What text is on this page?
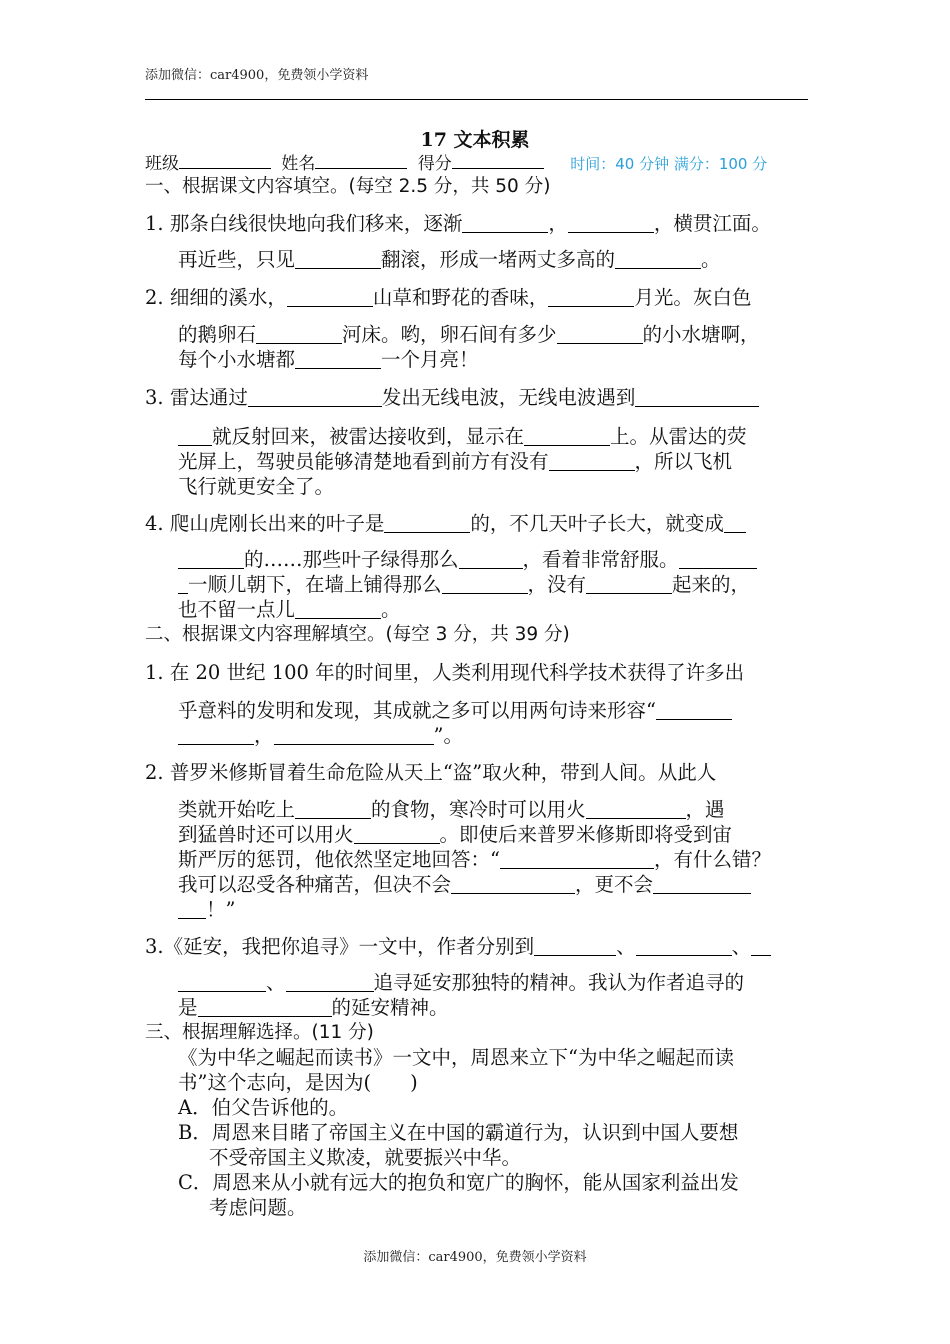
添加微信：car4900，免费领小学资料
17 文本积累
班级	姓名	得分	时间：40 分钟 满分：100 分
一、根据课文内容填空。(每空 2.5 分，共 50 分)
1. 那条白线很快地向我们移来，逐渐	，	，横贯江面。
再近些，只见	翻滚，形成一堵两丈多高的	。
2. 细细的溪水，	山草和野花的香味，	月光。灰白色
的鹅卵石	河床。哟，卵石间有多少	的小水塘啊，
每个小水塘都	一个月亮！
3. 雷达通过	发出无线电波，无线电波遇到
就反射回来，被雷达接收到，显示在	上。从雷达的荧
光屏上，驾驶员能够清楚地看到前方有没有	，所以飞机
飞行就更安全了。
4. 爬山虎刚长出来的叶子是	的，不几天叶子长大，就变成
的……那些叶子绿得那么	，看着非常舒服。
一顺儿朝下，在墙上铺得那么	，没有	起来的，
也不留一点儿	。
二、根据课文内容理解填空。(每空 3 分，共 39 分)
1. 在 20 世纪 100 年的时间里，人类利用现代科学技术获得了许多出
乎意料的发明和发现，其成就之多可以用两句诗来形容“
，	”。
2. 普罗米修斯冒着生命危险从天上“盗”取火种，带到人间。从此人
类就开始吃上	的食物，寒冷时可以用火	，遇
到猛兽时还可以用火	。即使后来普罗米修斯即将受到宙
斯严厉的惩罚，他依然坚定地回答：“	，有什么错？
我可以忍受各种痛苦，但决不会	，更不会
！”
3.《延安，我把你追寻》一文中，作者分别到	、	、
、	追寻延安那独特的精神。我认为作者追寻的
是	的延安精神。
三、根据理解选择。(11 分)
《为中华之崛起而读书》一文中，周恩来立下“为中华之崛起而读
书”这个志向，是因为(　　)
A．伯父告诉他的。
B．周恩来目睹了帝国主义在中国的霸道行为，认识到中国人要想
不受帝国主义欺凌，就要振兴中华。
C．周恩来从小就有远大的抱负和宽广的胸怀，能从国家利益出发
考虑问题。
添加微信：car4900，免费领小学资料
